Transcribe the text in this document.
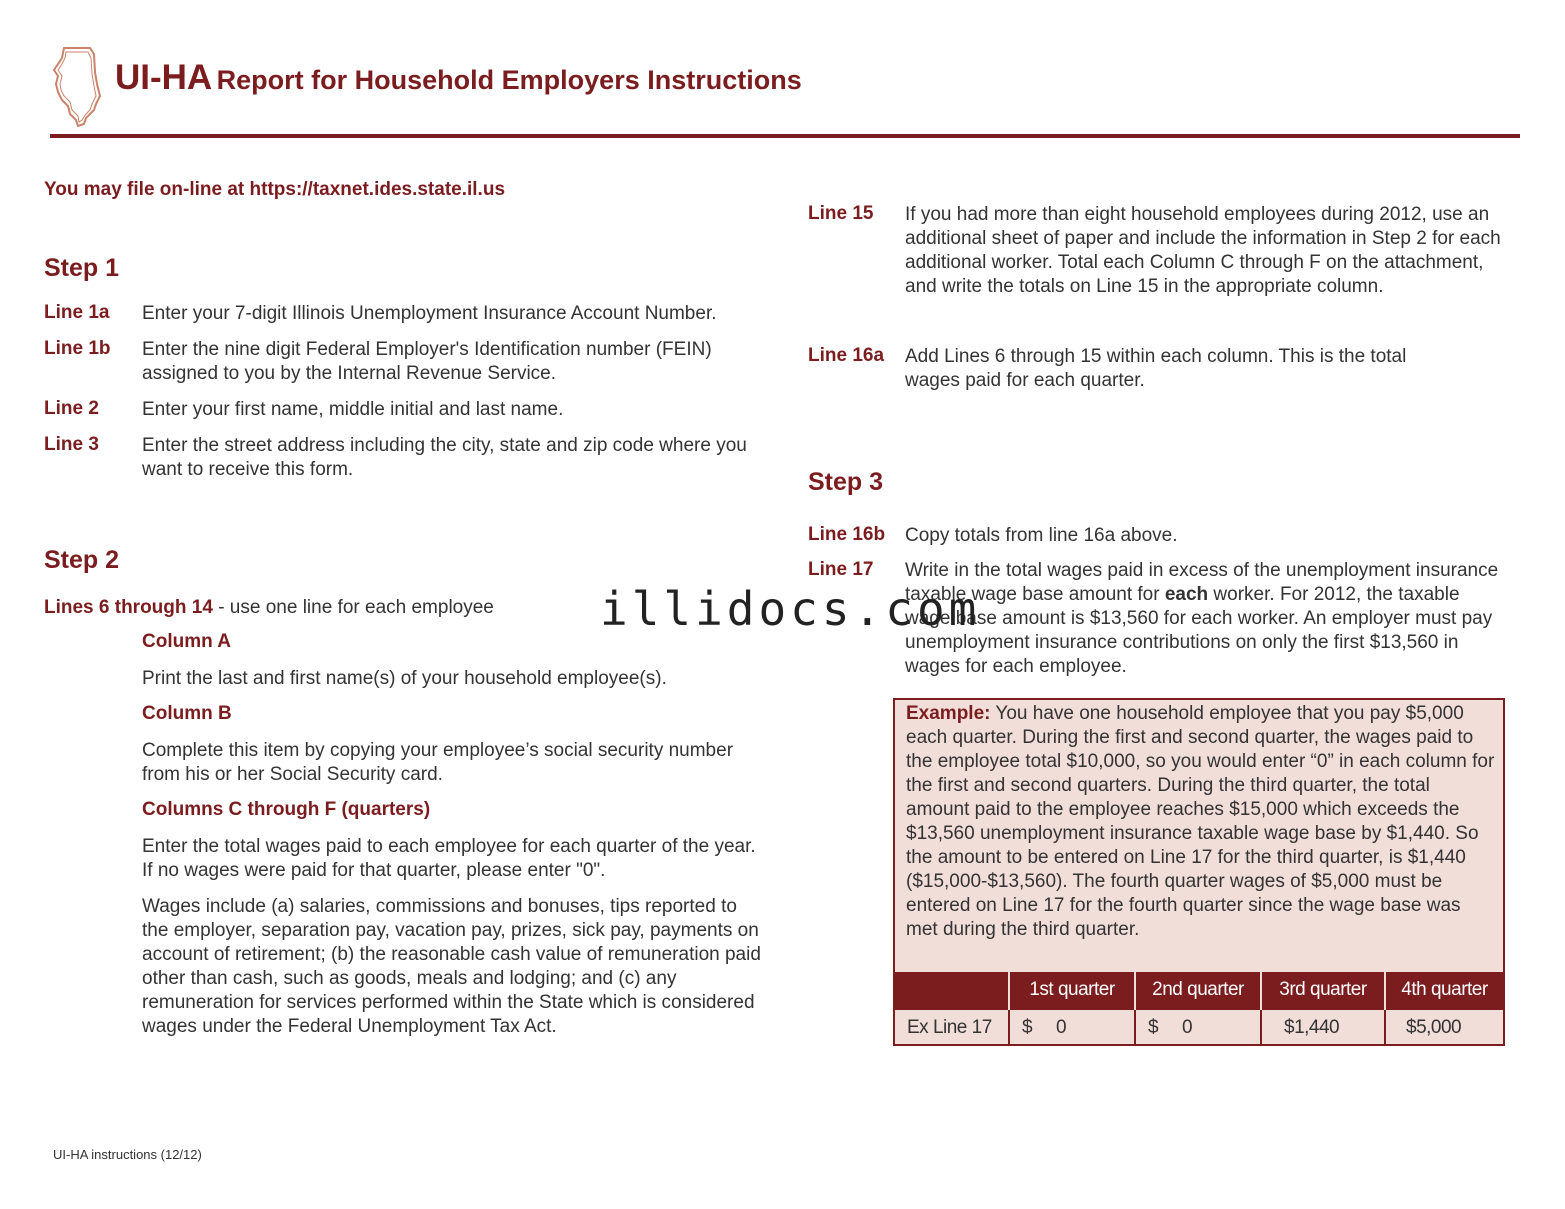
UI-HA Report for Household Employers Instructions
You may file on-line at https://taxnet.ides.state.il.us
Step 1
Line 1a Enter your 7-digit Illinois Unemployment Insurance Account Number.
Line 1b Enter the nine digit Federal Employer's Identification number (FEIN) assigned to you by the Internal Revenue Service.
Line 2 Enter your first name, middle initial and last name.
Line 3 Enter the street address including the city, state and zip code where you want to receive this form.
Step 2
Lines 6 through 14 - use one line for each employee
Column A
Print the last and first name(s) of your household employee(s).
Column B
Complete this item by copying your employee’s social security number from his or her Social Security card.
Columns C through F (quarters)
Enter the total wages paid to each employee for each quarter of the year. If no wages were paid for that quarter, please enter "0".
Wages include (a) salaries, commissions and bonuses, tips reported to the employer, separation pay, vacation pay, prizes, sick pay, payments on account of retirement; (b) the reasonable cash value of remuneration paid other than cash, such as goods, meals and lodging; and (c) any remuneration for services performed within the State which is considered wages under the Federal Unemployment Tax Act.
Line 15 If you had more than eight household employees during 2012, use an additional sheet of paper and include the information in Step 2 for each additional worker. Total each Column C through F on the attachment, and write the totals on Line 15 in the appropriate column.
Line 16a Add Lines 6 through 15 within each column. This is the total wages paid for each quarter.
Step 3
Line 16b Copy totals from line 16a above.
Line 17 Write in the total wages paid in excess of the unemployment insurance taxable wage base amount for each worker. For 2012, the taxable wage base amount is $13,560 for each worker. An employer must pay unemployment insurance contributions on only the first $13,560 in wages for each employee.
Example: You have one household employee that you pay $5,000 each quarter. During the first and second quarter, the wages paid to the employee total $10,000, so you would enter “0” in each column for the first and second quarters. During the third quarter, the total amount paid to the employee reaches $15,000 which exceeds the $13,560 unemployment insurance taxable wage base by $1,440. So the amount to be entered on Line 17 for the third quarter, is $1,440 ($15,000-$13,560). The fourth quarter wages of $5,000 must be entered on Line 17 for the fourth quarter since the wage base was met during the third quarter.
	1st quarter	2nd quarter	3rd quarter	4th quarter
Ex Line 17	$     0	$     0	$1,440	$5,000
illidocs.com
UI-HA instructions (12/12)
